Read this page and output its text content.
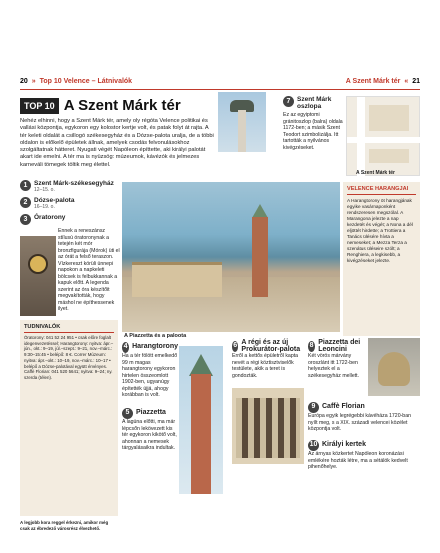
20 » Top 10 Velence – Látnivalók	A Szent Márk tér « 21
TOP 10 A Szent Márk tér
Nehéz elhinni, hogy a Szent Márk tér, amely oly régóta Velence politikai és vallási központja, egykoron egy kolostor kertje volt, és patak folyt át rajta. A tér keleti oldalát a csillogó székesegyház és a Dózse-palota uralja, de a többi oldalon is előkelő épületek állnak, amelyek csodás felvonulásokhoz szolgáltatnak hátteret. Nyugati végét Napóleon építtette, aki királyi palotát akart ide emelni. A tér ma is nyüzsög: múzeumok, kávézók és jelmezes karneváli tömegek töltik meg élettel.
7	Szent Márk oszlopa
Ez az egyiptomi gránitoszlop (balra) oldala 1172-ben; a másik Szent Teodort szimbolizálja. Itt tartották a nyilvános kivégzéseket.
A Szent Márk tér
1	Szent Márk-székesegyház
12–15. o.
2	Dózse-palota
16–19. o.
3	Óratorony
Ennek a reneszánsz stílusú óratoronynak a tetején két mór bronzfigurája (Mórok) üti el az órát a felső teraszon. Vízkereszt körüli ünnepi napokon a napkeleti bölcsek is felbukkannak a kapuk előtt. A legenda szerint az óra készítőit megvakították, hogy máshol ne építhessenek ilyet.
A Piazzetta és a paloota
VELENCE HARANGJAI
A Harangtorony öt harangjának egyike vasárnaponként rendszeresen megszólal. A Marangona jelezte a nap kezdetét és végét; a Nona a dél eljöttét hirdette; a Trottiera a Tanács ülésére hívta a nemeseket; a Mezza Terza a szenátus üléseire szólt; a Renghiera, a legkisebb, a kivégzéseket jelezte.
TUDNIVALÓK
Óratorony: 041 52 24 951 • csak előre foglalt idegenvezetéssel; Harangtorony: nyitva: ápr.–jún., okt.: 9–19, júl.–szept.: 9–21, nov.–márc.: 9:30–15:45 • belépő: 8 €. Correr Múzeum: nyitva: ápr.–okt.: 10–19, nov.–márc.: 10–17 • belépő a Dózse-palotával együtt érvényes. Caffè Florian: 041 520 5641; nyitva: 9–24; ny. szerda (télen).
A legjobb kora reggel érkezni, amikor még csak az ébredező városrész élvezhető.
4 Harangtorony
Ha a tér fölött emelkedő 99 m magas harangtorony egykoron hirtelen összeomlott 1902-ben, ugyanúgy építették újjá, ahogy korábban is volt.
5 Piazzetta
A lagúna előtti, ma már lépcsőn lekövezett kis tér egykoron kikötő volt, ahonnan a nemesek tárgyalásaikra indultak.
6 A régi és az új Prokurátor-palota
Erről a kettős épületről kapta nevét a régi köztisztviselők testülete, akik a teret is gondozták.
8 Piazzetta dei Leoncini
Két vörös márvány oroszlánt itt 1722-ben helyeztek el a székesegyház mellett.
9 Caffè Florian
Európa egyik legrégebbi kávéháza 1720-ban nyílt meg, s a XIX. századi velencei közélet központja volt.
10 Királyi kertek
Az árnyas közkertet Napóleon koronázási emlékére hozták létre, ma a sétálók kedvelt pihenőhelye.
